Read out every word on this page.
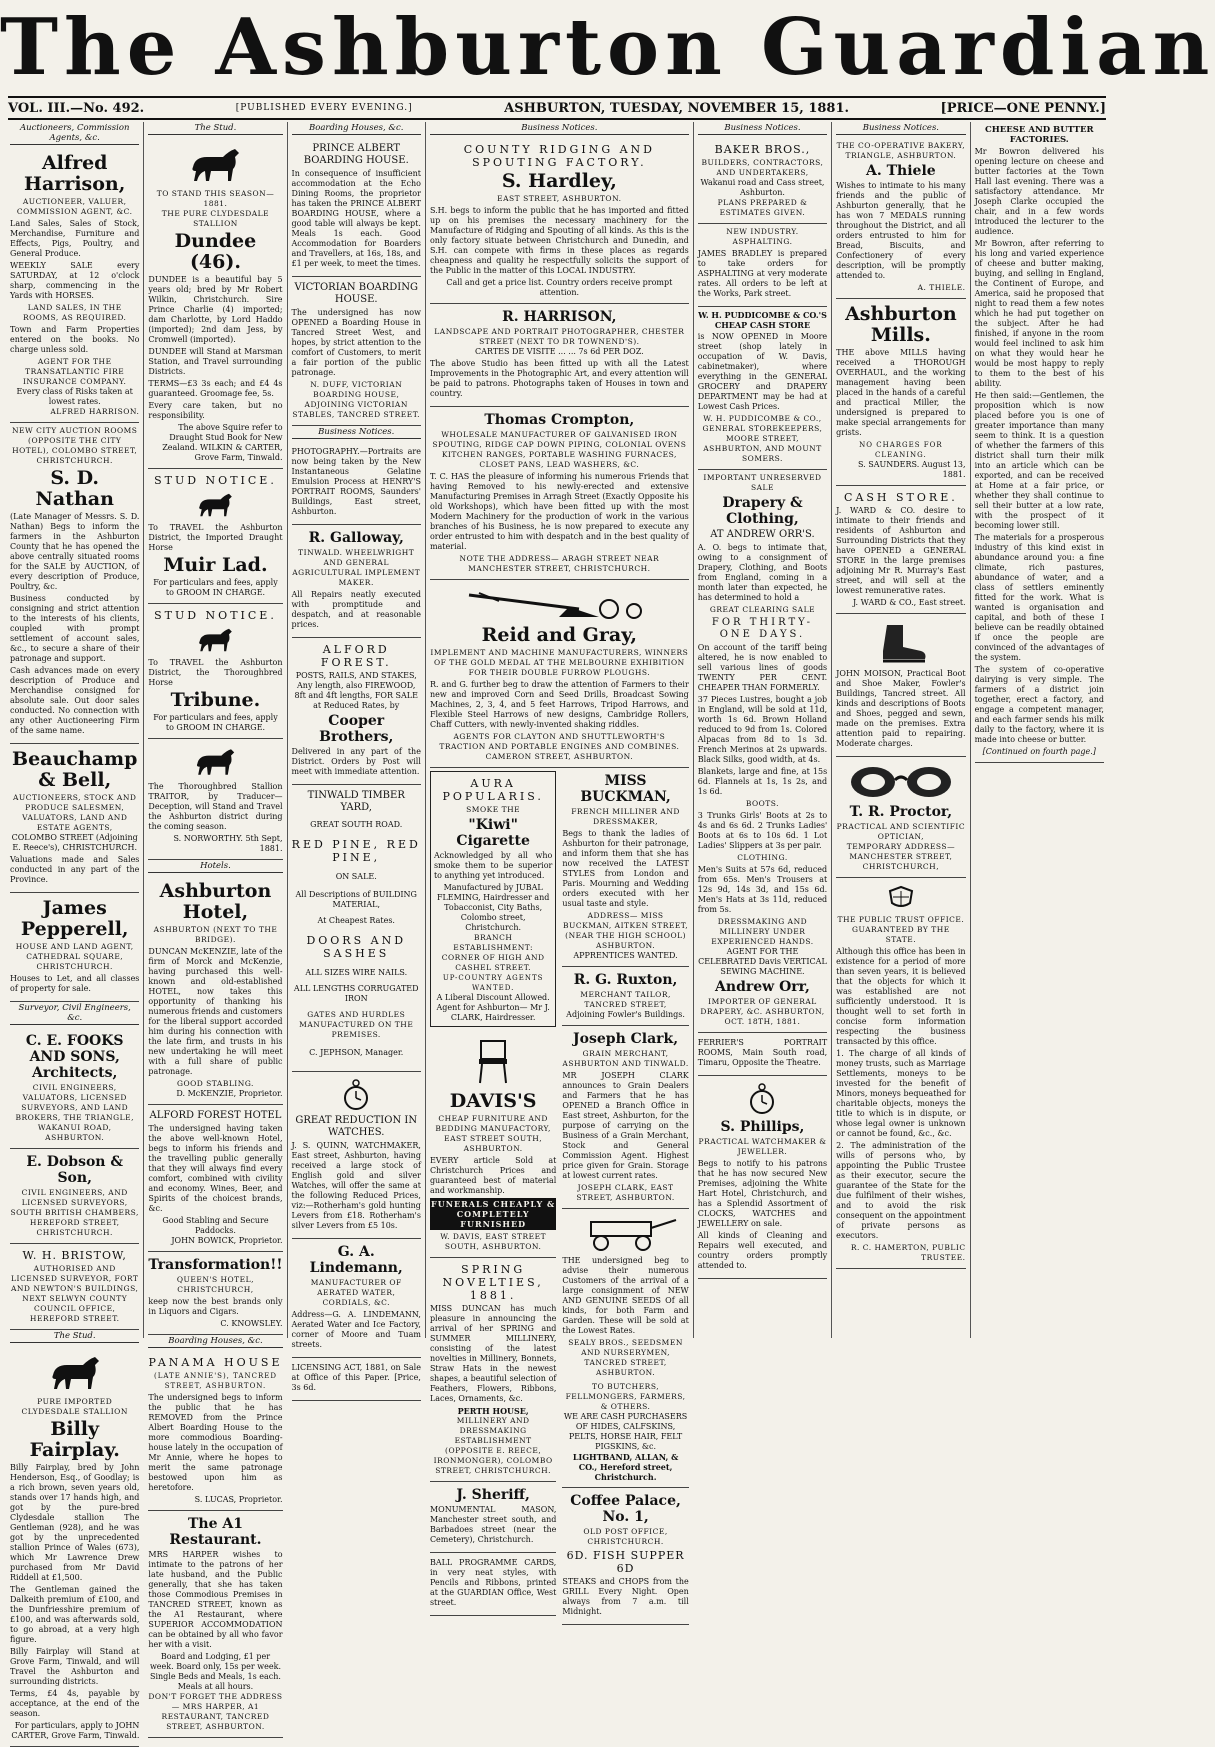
The Ashburton Guardian
VOL. III.—No. 492.	[PUBLISHED EVERY EVENING.]	ASHBURTON, TUESDAY, NOVEMBER 15, 1881.	[PRICE—ONE PENNY.]
Auctioneers, Commission Agents, &c.
Alfred Harrison,
AUCTIONEER, VALUER, COMMISSION AGENT, &C.
Land Sales, Sales of Stock, Merchandise, Furniture and Effects, Pigs, Poultry, and General Produce.
WEEKLY SALE every SATURDAY, at 12 o'clock sharp, commencing in the Yards with HORSES.
LAND SALES, IN THE ROOMS, AS REQUIRED.
Town and Farm Properties entered on the books. No charge unless sold.
AGENT FOR THE TRANSATLANTIC FIRE INSURANCE COMPANY.
Every class of Risks taken at lowest rates.
ALFRED HARRISON.
NEW CITY AUCTION ROOMS (OPPOSITE THE CITY HOTEL), COLOMBO STREET, CHRISTCHURCH.
S. D. Nathan
(Late Manager of Messrs. S. D. Nathan) Begs to inform the farmers in the Ashburton County that he has opened the above centrally situated rooms for the SALE by AUCTION, of every description of Produce, Poultry, &c.
Business conducted by consigning and strict attention to the interests of his clients, coupled with prompt settlement of account sales, &c., to secure a share of their patronage and support.
Cash advances made on every description of Produce and Merchandise consigned for absolute sale. Out door sales conducted. No connection with any other Auctioneering Firm of the same name.
Beauchamp & Bell,
AUCTIONEERS, STOCK AND PRODUCE SALESMEN, VALUATORS, LAND AND ESTATE AGENTS,
COLOMBO STREET (Adjoining E. Reece's), CHRISTCHURCH.
Valuations made and Sales conducted in any part of the Province.
James Pepperell,
HOUSE AND LAND AGENT, CATHEDRAL SQUARE, CHRISTCHURCH.
Houses to Let, and all classes of property for sale.
Surveyor, Civil Engineers, &c.
C. E. FOOKS AND SONS, Architects,
CIVIL ENGINEERS, VALUATORS, LICENSED SURVEYORS, AND LAND BROKERS, THE TRIANGLE, WAKANUI ROAD, ASHBURTON.
E. Dobson & Son,
CIVIL ENGINEERS, AND LICENSED SURVEYORS, SOUTH BRITISH CHAMBERS, HEREFORD STREET, CHRISTCHURCH.
W. H. BRISTOW,
AUTHORISED AND LICENSED SURVEYOR, FORT AND NEWTON'S BUILDINGS, NEXT SELWYN COUNTY COUNCIL OFFICE, HEREFORD STREET.
The Stud.
PURE IMPORTED CLYDESDALE STALLION
Billy Fairplay.
Billy Fairplay, bred by John Henderson, Esq., of Goodlay; is a rich brown, seven years old, stands over 17 hands high, and got by the pure-bred Clydesdale stallion The Gentleman (928), and he was got by the unprecedented stallion Prince of Wales (673), which Mr Lawrence Drew purchased from Mr David Riddell at £1,500.
The Gentleman gained the Dalkeith premium of £100, and the Dunfriesshire premium of £100, and was afterwards sold, to go abroad, at a very high figure.
Billy Fairplay will Stand at Grove Farm, Tinwald, and will Travel the Ashburton and surrounding districts.
Terms, £4 4s, payable by acceptance, at the end of the season.
For particulars, apply to JOHN CARTER, Grove Farm, Tinwald.
The Stud.
TO STAND THIS SEASON—1881.
THE PURE CLYDESDALE STALLION
Dundee (46).
DUNDEE is a beautiful bay 5 years old; bred by Mr Robert Wilkin, Christchurch. Sire Prince Charlie (4) imported; dam Charlotte, by Lord Haddo (imported); 2nd dam Jess, by Cromwell (imported).
DUNDEE will Stand at Marsman Station, and Travel surrounding Districts.
TERMS—£3 3s each; and £4 4s guaranteed. Groomage fee, 5s.
Every care taken, but no responsibility.
The above Squire refer to Draught Stud Book for New Zealand. WILKIN & CARTER, Grove Farm, Tinwald.
STUD NOTICE.
To TRAVEL the Ashburton District, the Imported Draught Horse
Muir Lad.
For particulars and fees, apply to GROOM IN CHARGE.
STUD NOTICE.
To TRAVEL the Ashburton District, the Thoroughbred Horse
Tribune.
For particulars and fees, apply to GROOM IN CHARGE.
The Thoroughbred Stallion TRAITOR, by Traducer—Deception, will Stand and Travel the Ashburton district during the coming season.
S. NORWORTHY. 5th Sept, 1881.
Hotels.
Ashburton Hotel,
ASHBURTON (NEXT TO THE BRIDGE).
DUNCAN McKENZIE, late of the firm of Morck and McKenzie, having purchased this well-known and old-established HOTEL, now takes this opportunity of thanking his numerous friends and customers for the liberal support accorded him during his connection with the late firm, and trusts in his new undertaking he will meet with a full share of public patronage.
GOOD STABLING.
D. McKENZIE, Proprietor.
ALFORD FOREST HOTEL
The undersigned having taken the above well-known Hotel, begs to inform his friends and the travelling public generally that they will always find every comfort, combined with civility and economy. Wines, Beer, and Spirits of the choicest brands, &c.
Good Stabling and Secure Paddocks.
JOHN BOWICK, Proprietor.
Transformation!!
QUEEN'S HOTEL, CHRISTCHURCH,
keep now the best brands only in Liquors and Cigars.
C. KNOWSLEY.
Boarding Houses, &c.
PANAMA HOUSE
(LATE ANNIE'S), TANCRED STREET, ASHBURTON.
The undersigned begs to inform the public that he has REMOVED from the Prince Albert Boarding House to the more commodious Boarding-house lately in the occupation of Mr Annie, where he hopes to merit the same patronage bestowed upon him as heretofore.
S. LUCAS, Proprietor.
The A1 Restaurant.
MRS HARPER wishes to intimate to the patrons of her late husband, and the Public generally, that she has taken those Commodious Premises in TANCRED STREET, known as the A1 Restaurant, where SUPERIOR ACCOMMODATION can be obtained by all who favor her with a visit.
Board and Lodging, £1 per week. Board only, 15s per week. Single Beds and Meals, 1s each.
Meals at all hours.
DON'T FORGET THE ADDRESS— MRS HARPER, A1 RESTAURANT, TANCRED STREET, ASHBURTON.
Boarding Houses, &c.
PRINCE ALBERT BOARDING HOUSE.
In consequence of insufficient accommodation at the Echo Dining Rooms, the proprietor has taken the PRINCE ALBERT BOARDING HOUSE, where a good table will always be kept. Meals 1s each. Good Accommodation for Boarders and Travellers, at 16s, 18s, and £1 per week, to meet the times.
VICTORIAN BOARDING HOUSE.
The undersigned has now OPENED a Boarding House in Tancred Street West, and hopes, by strict attention to the comfort of Customers, to merit a fair portion of the public patronage.
N. DUFF, VICTORIAN BOARDING HOUSE, ADJOINING VICTORIAN STABLES, TANCRED STREET.
Business Notices.
PHOTOGRAPHY.—Portraits are now being taken by the New Instantaneous Gelatine Emulsion Process at HENRY'S PORTRAIT ROOMS, Saunders' Buildings, East street, Ashburton.
R. Galloway,
TINWALD. WHEELWRIGHT AND GENERAL AGRICULTURAL IMPLEMENT MAKER.
All Repairs neatly executed with promptitude and despatch, and at reasonable prices.
ALFORD FOREST.
POSTS, RAILS, AND STAKES, Any length, also FIREWOOD, 8ft and 4ft lengths, FOR SALE at Reduced Rates, by
Cooper Brothers,
Delivered in any part of the District. Orders by Post will meet with immediate attention.
TINWALD TIMBER YARD,
GREAT SOUTH ROAD.
RED PINE, RED PINE,
ON SALE.
All Descriptions of BUILDING MATERIAL,
At Cheapest Rates.
DOORS AND SASHES
ALL SIZES WIRE NAILS.
ALL LENGTHS CORRUGATED IRON
GATES AND HURDLES MANUFACTURED ON THE PREMISES.
C. JEPHSON, Manager.
GREAT REDUCTION IN WATCHES.
J. S. QUINN, WATCHMAKER, East street, Ashburton, having received a large stock of English gold and silver Watches, will offer the same at the following Reduced Prices, viz:—Rotherham's gold hunting Levers from £18. Rotherham's silver Levers from £5 10s.
G. A. Lindemann,
MANUFACTURER OF AERATED WATER, CORDIALS, &C.
Address—G. A. LINDEMANN, Aerated Water and Ice Factory, corner of Moore and Tuam streets.
LICENSING ACT, 1881, on Sale at Office of this Paper. [Price, 3s 6d.
Business Notices.
COUNTY RIDGING AND SPOUTING FACTORY.
S. Hardley,
EAST STREET, ASHBURTON.
S.H. begs to inform the public that he has imported and fitted up on his premises the necessary machinery for the Manufacture of Ridging and Spouting of all kinds. As this is the only factory situate between Christchurch and Dunedin, and S.H. can compete with firms in these places as regards cheapness and quality he respectfully solicits the support of the Public in the matter of this LOCAL INDUSTRY.
Call and get a price list. Country orders receive prompt attention.
R. HARRISON,
LANDSCAPE AND PORTRAIT PHOTOGRAPHER, CHESTER STREET (NEXT TO DR TOWNEND'S).
CARTES DE VISITE ... ... 7s 6d PER DOZ.
The above Studio has been fitted up with all the Latest Improvements in the Photographic Art, and every attention will be paid to patrons. Photographs taken of Houses in town and country.
Thomas Crompton,
WHOLESALE MANUFACTURER OF GALVANISED IRON SPOUTING, RIDGE CAP DOWN PIPING, COLONIAL OVENS KITCHEN RANGES, PORTABLE WASHING FURNACES, CLOSET PANS, LEAD WASHERS, &C.
T. C. HAS the pleasure of informing his numerous Friends that having Removed to his newly-erected and extensive Manufacturing Premises in Arragh Street (Exactly Opposite his old Workshops), which have been fitted up with the most Modern Machinery for the production of work in the various branches of his Business, he is now prepared to execute any order entrusted to him with despatch and in the best quality of material.
NOTE THE ADDRESS— ARAGH STREET NEAR MANCHESTER STREET, CHRISTCHURCH.
Reid and Gray,
IMPLEMENT AND MACHINE MANUFACTURERS, WINNERS OF THE GOLD MEDAL AT THE MELBOURNE EXHIBITION FOR THEIR DOUBLE FURROW PLOUGHS.
R. and G. further beg to draw the attention of Farmers to their new and improved Corn and Seed Drills, Broadcast Sowing Machines, 2, 3, 4, and 5 feet Harrows, Tripod Harrows, and Flexible Steel Harrows of new designs, Cambridge Rollers, Chaff Cutters, with newly-invented shaking riddles.
AGENTS FOR CLAYTON AND SHUTTLEWORTH'S TRACTION AND PORTABLE ENGINES AND COMBINES.
CAMERON STREET, ASHBURTON.
AURA POPULARIS.
SMOKE THE
"Kiwi" Cigarette
Acknowledged by all who smoke them to be superior to anything yet introduced.
Manufactured by JUBAL FLEMING, Hairdresser and Tobacconist, City Baths, Colombo street, Christchurch.
BRANCH ESTABLISHMENT: CORNER OF HIGH AND CASHEL STREET.
UP-COUNTRY AGENTS WANTED.
A Liberal Discount Allowed.
Agent for Ashburton— Mr J. CLARK, Hairdresser.
DAVIS'S
CHEAP FURNITURE AND BEDDING MANUFACTORY, EAST STREET SOUTH, ASHBURTON.
EVERY article Sold at Christchurch Prices and guaranteed best of material and workmanship.
FUNERALS CHEAPLY & COMPLETELY FURNISHED
W. DAVIS, EAST STREET SOUTH, ASHBURTON.
SPRING NOVELTIES, 1881.
MISS DUNCAN has much pleasure in announcing the arrival of her SPRING and SUMMER MILLINERY, consisting of the latest novelties in Millinery, Bonnets, Straw Hats in the newest shapes, a beautiful selection of Feathers, Flowers, Ribbons, Laces, Ornaments, &c.
PERTH HOUSE,
MILLINERY AND DRESSMAKING ESTABLISHMENT (OPPOSITE E. REECE, IRONMONGER), COLOMBO STREET, CHRISTCHURCH.
J. Sheriff,
MONUMENTAL MASON, Manchester street south, and Barbadoes street (near the Cemetery), Christchurch.
BALL PROGRAMME CARDS, in very neat styles, with Pencils and Ribbons, printed at the GUARDIAN Office, West street.
MISS BUCKMAN,
FRENCH MILLINER AND DRESSMAKER,
Begs to thank the ladies of Ashburton for their patronage, and inform them that she has now received the LATEST STYLES from London and Paris. Mourning and Wedding orders executed with her usual taste and style.
ADDRESS— MISS BUCKMAN, AITKEN STREET, (NEAR THE HIGH SCHOOL) ASHBURTON.
APPRENTICES WANTED.
R. G. Ruxton,
MERCHANT TAILOR, TANCRED STREET,
Adjoining Fowler's Buildings.
Joseph Clark,
GRAIN MERCHANT, ASHBURTON AND TINWALD.
MR JOSEPH CLARK announces to Grain Dealers and Farmers that he has OPENED a Branch Office in East street, Ashburton, for the purpose of carrying on the Business of a Grain Merchant, Stock and General Commission Agent. Highest price given for Grain. Storage at lowest current rates.
JOSEPH CLARK, EAST STREET, ASHBURTON.
THE undersigned beg to advise their numerous Customers of the arrival of a large consignment of NEW AND GENUINE SEEDS Of all kinds, for both Farm and Garden. These will be sold at the Lowest Rates.
SEALY BROS., SEEDSMEN AND NURSERYMEN, TANCRED STREET, ASHBURTON.
TO BUTCHERS, FELLMONGERS, FARMERS, & OTHERS.
WE ARE CASH PURCHASERS OF HIDES, CALFSKINS, PELTS, HORSE HAIR, FELT PIGSKINS, &c.
LIGHTBAND, ALLAN, & CO., Hereford street, Christchurch.
Coffee Palace, No. 1,
OLD POST OFFICE, CHRISTCHURCH.
6D. FISH SUPPER 6D
STEAKS and CHOPS from the GRILL Every Night. Open always from 7 a.m. till Midnight.
Business Notices.
BAKER BROS.,
BUILDERS, CONTRACTORS, AND UNDERTAKERS,
Wakanui road and Cass street, Ashburton.
PLANS PREPARED & ESTIMATES GIVEN.
NEW INDUSTRY. ASPHALTING.
JAMES BRADLEY is prepared to take orders for ASPHALTING at very moderate rates. All orders to be left at the Works, Park street.
W. H. PUDDICOMBE & CO.'S CHEAP CASH STORE
is NOW OPENED in Moore street (shop lately in occupation of W. Davis, cabinetmaker), where everything in the GENERAL GROCERY and DRAPERY DEPARTMENT may be had at Lowest Cash Prices.
W. H. PUDDICOMBE & CO., GENERAL STOREKEEPERS, MOORE STREET, ASHBURTON, AND MOUNT SOMERS.
IMPORTANT UNRESERVED SALE
Drapery & Clothing,
AT ANDREW ORR'S.
A. O. begs to intimate that, owing to a consignment of Drapery, Clothing, and Boots from England, coming in a month later than expected, he has determined to hold a
GREAT CLEARING SALE
FOR THIRTY-ONE DAYS.
On account of the tariff being altered, he is now enabled to sell various lines of goods TWENTY PER CENT. CHEAPER THAN FORMERLY.
37 Pieces Lustres, bought a job in England, will be sold at 11d, worth 1s 6d. Brown Holland reduced to 9d from 1s. Colored Alpacas from 8d to 1s 3d. French Merinos at 2s upwards. Black Silks, good width, at 4s.
Blankets, large and fine, at 15s 6d. Flannels at 1s, 1s 2s, and 1s 6d.
BOOTS.
3 Trunks Girls' Boots at 2s to 4s and 6s 6d. 2 Trunks Ladies' Boots at 6s to 10s 6d. 1 Lot Ladies' Slippers at 3s per pair.
CLOTHING.
Men's Suits at 57s 6d, reduced from 65s. Men's Trousers at 12s 9d, 14s 3d, and 15s 6d. Men's Hats at 3s 11d, reduced from 5s.
DRESSMAKING AND MILLINERY UNDER EXPERIENCED HANDS.
AGENT FOR THE CELEBRATED Davis VERTICAL SEWING MACHINE.
Andrew Orr,
IMPORTER OF GENERAL DRAPERY, &C. ASHBURTON, OCT. 18TH, 1881.
FERRIER'S PORTRAIT ROOMS, Main South road, Timaru, Opposite the Theatre.
S. Phillips,
PRACTICAL WATCHMAKER & JEWELLER.
Begs to notify to his patrons that he has now secured New Premises, adjoining the White Hart Hotel, Christchurch, and has a Splendid Assortment of CLOCKS, WATCHES and JEWELLERY on sale.
All kinds of Cleaning and Repairs well executed, and country orders promptly attended to.
Business Notices.
THE CO-OPERATIVE BAKERY, TRIANGLE, ASHBURTON.
A. Thiele
Wishes to intimate to his many friends and the public of Ashburton generally, that he has won 7 MEDALS running throughout the District, and all orders entrusted to him for Bread, Biscuits, and Confectionery of every description, will be promptly attended to.
A. THIELE.
Ashburton Mills.
THE above MILLS having received a THOROUGH OVERHAUL, and the working management having been placed in the hands of a careful and practical Miller, the undersigned is prepared to make special arrangements for grists.
NO CHARGES FOR CLEANING.
S. SAUNDERS. August 13, 1881.
CASH STORE.
J. WARD & CO. desire to intimate to their friends and residents of Ashburton and Surrounding Districts that they have OPENED a GENERAL STORE in the large premises adjoining Mr R. Murray's East street, and will sell at the lowest remunerative rates.
J. WARD & CO., East street.
JOHN MOISON, Practical Boot and Shoe Maker, Fowler's Buildings, Tancred street. All kinds and descriptions of Boots and Shoes, pegged and sewn, made on the premises. Extra attention paid to repairing. Moderate charges.
T. R. Proctor,
PRACTICAL AND SCIENTIFIC OPTICIAN,
TEMPORARY ADDRESS— MANCHESTER STREET, CHRISTCHURCH,
THE PUBLIC TRUST OFFICE.
GUARANTEED BY THE STATE.
Although this office has been in existence for a period of more than seven years, it is believed that the objects for which it was established are not sufficiently understood. It is thought well to set forth in concise form information respecting the business transacted by this office.
1. The charge of all kinds of money trusts, such as Marriage Settlements, moneys to be invested for the benefit of Minors, moneys bequeathed for charitable objects, moneys the title to which is in dispute, or whose legal owner is unknown or cannot be found, &c., &c.
2. The administration of the wills of persons who, by appointing the Public Trustee as their executor, secure the guarantee of the State for the due fulfilment of their wishes, and to avoid the risk consequent on the appointment of private persons as executors.
R. C. HAMERTON, PUBLIC TRUSTEE.
CHEESE AND BUTTER FACTORIES.
Mr Bowron delivered his opening lecture on cheese and butter factories at the Town Hall last evening. There was a satisfactory attendance. Mr Joseph Clarke occupied the chair, and in a few words introduced the lecturer to the audience.
Mr Bowron, after referring to his long and varied experience of cheese and butter making, buying, and selling in England, the Continent of Europe, and America, said he proposed that night to read them a few notes which he had put together on the subject. After he had finished, if anyone in the room would feel inclined to ask him on what they would hear he would be most happy to reply to them to the best of his ability.
He then said:—Gentlemen, the proposition which is now placed before you is one of greater importance than many seem to think. It is a question of whether the farmers of this district shall turn their milk into an article which can be exported, and can be received at Home at a fair price, or whether they shall continue to sell their butter at a low rate, with the prospect of it becoming lower still.
The materials for a prosperous industry of this kind exist in abundance around you: a fine climate, rich pastures, abundance of water, and a class of settlers eminently fitted for the work. What is wanted is organisation and capital, and both of these I believe can be readily obtained if once the people are convinced of the advantages of the system.
The system of co-operative dairying is very simple. The farmers of a district join together, erect a factory, and engage a competent manager, and each farmer sends his milk daily to the factory, where it is made into cheese or butter.
[Continued on fourth page.]
